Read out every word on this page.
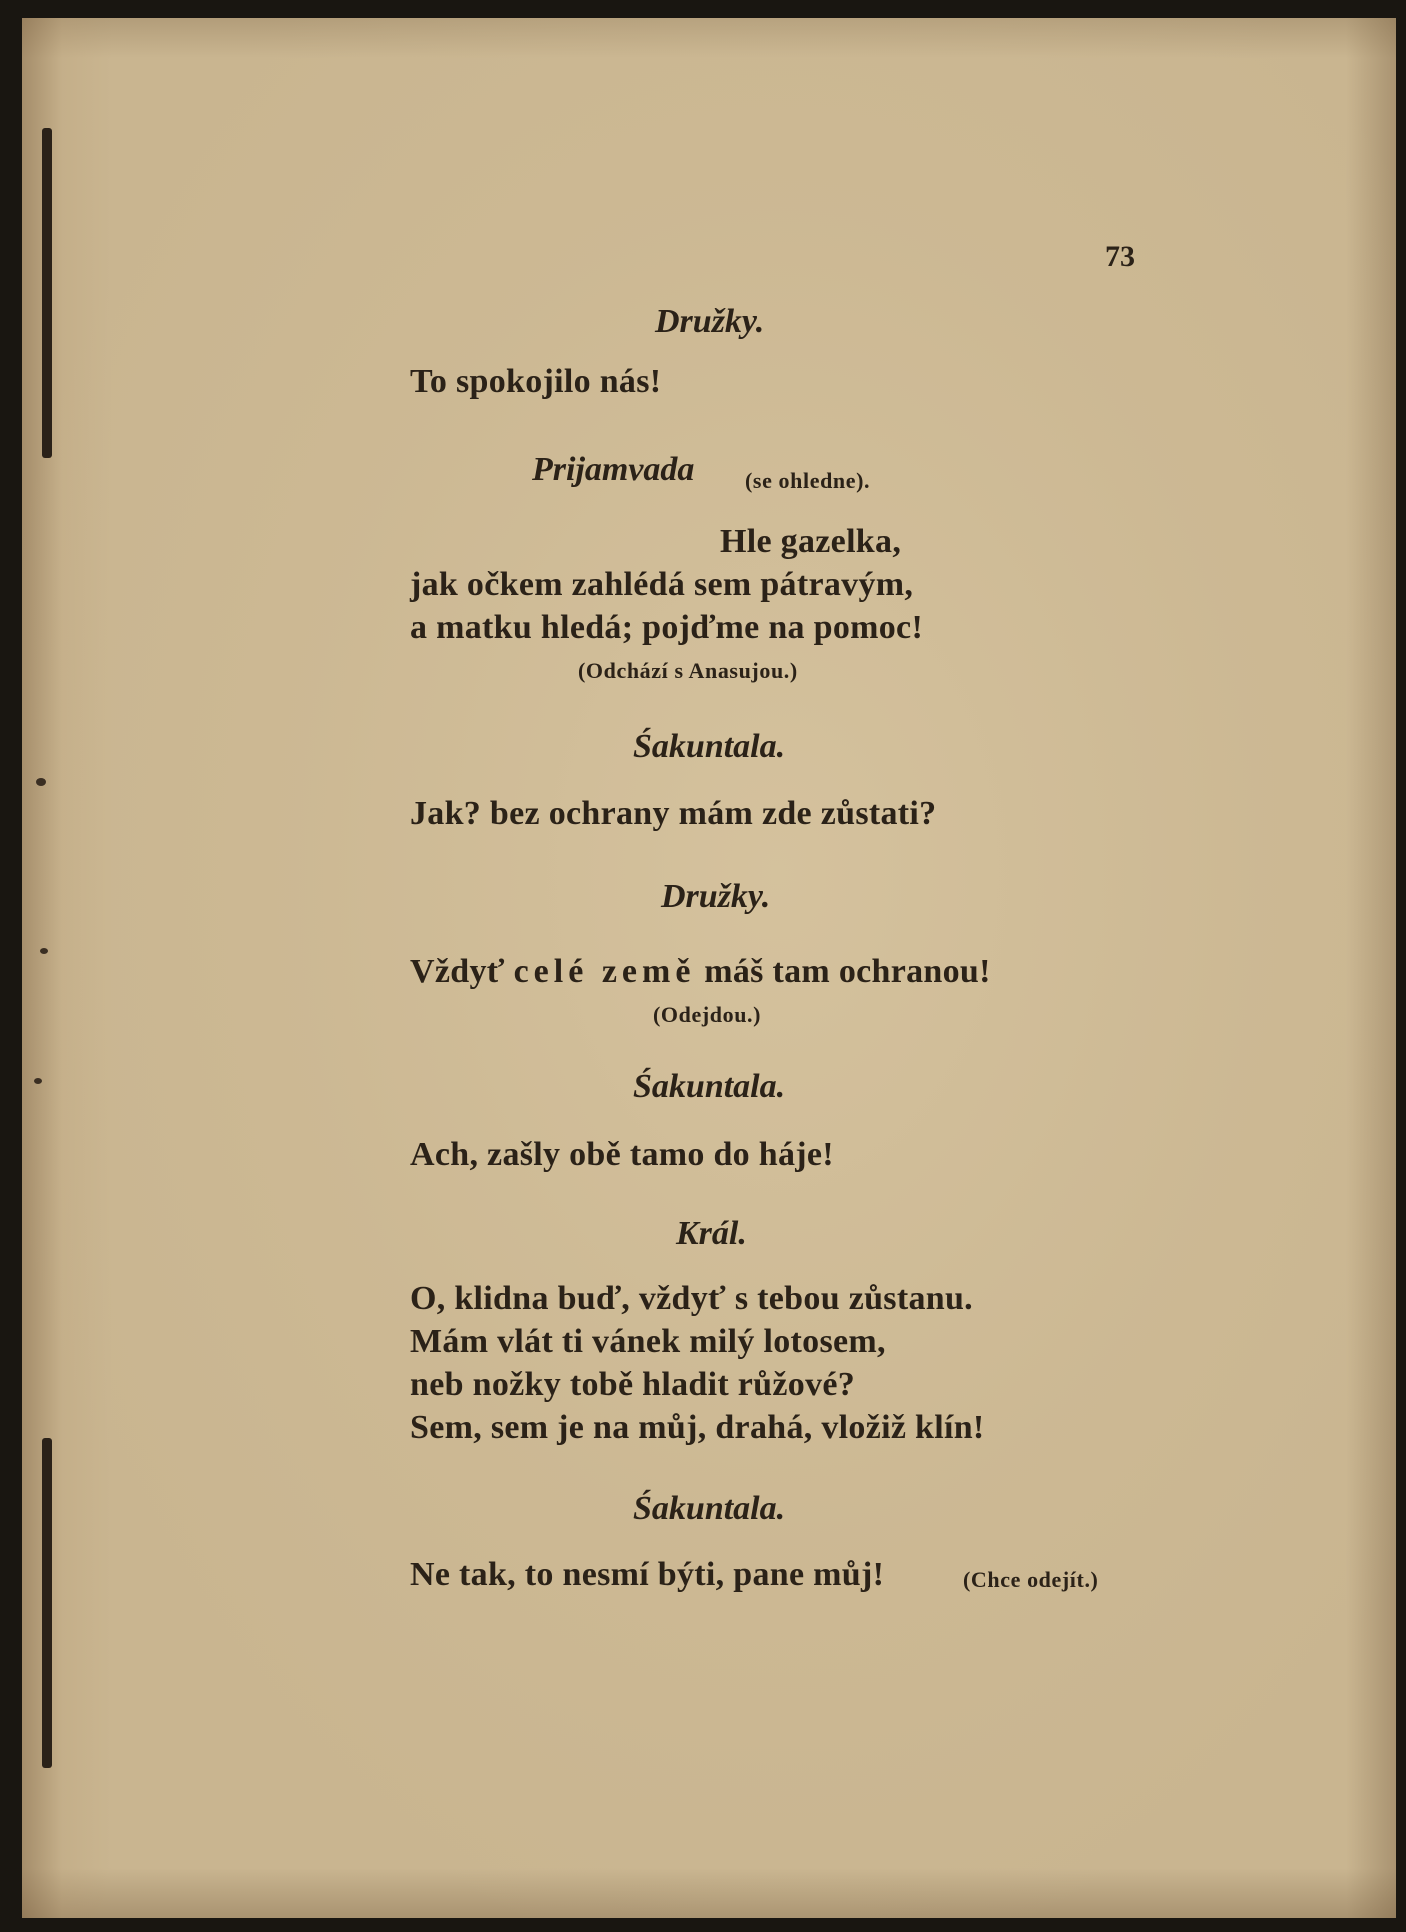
73
Družky.
To spokojilo nás!
Prijamvada (se ohledne).
Hle gazelka,
jak očkem zahlédá sem pátravým,
a matku hledá; pojďme na pomoc!
(Odchází s Anasujou.)
Śakuntala.
Jak? bez ochrany mám zde zůstati?
Družky.
Vždyť celé země máš tam ochranou!
(Odejdou.)
Śakuntala.
Ach, zašly obě tamo do háje!
Král.
O, klidna buď, vždyť s tebou zůstanu.
Mám vlát ti vánek milý lotosem,
neb nožky tobě hladit růžové?
Sem, sem je na můj, drahá, vložiž klín!
Śakuntala.
Ne tak, to nesmí býti, pane můj!	(Chce odejít.)
